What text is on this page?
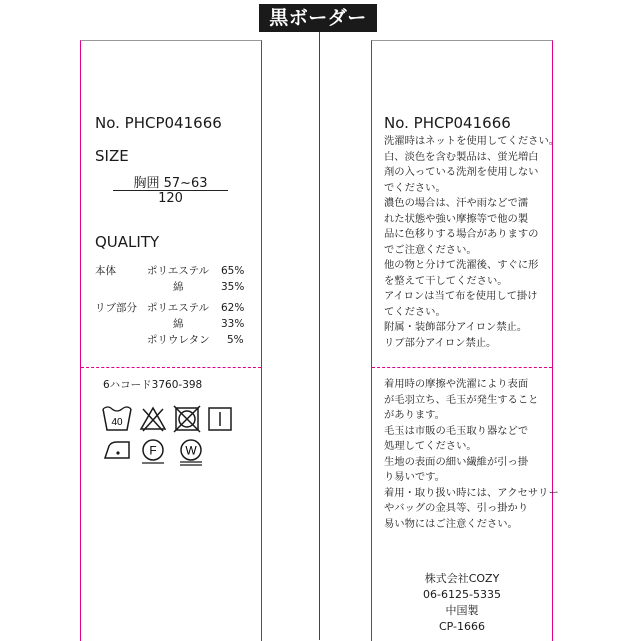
黒ボーダー
No. PHCP041666
SIZE
胸囲 57~63
120
QUALITY
本体	ポリエステル 65%
綿	35%
リブ部分 ポリエステル 62%
綿	33%
ポリウレタン 5%
6ハコード3760-398
40
F W
No. PHCP041666
洗濯時はネットを使用してください。
白、淡色を含む製品は、蛍光増白
剤の入っている洗剤を使用しない
でください。
濃色の場合は、汗や雨などで濡
れた状態や強い摩擦等で他の製
品に色移りする場合がありますの
でご注意ください。
他の物と分けて洗濯後、すぐに形
を整えて干してください。
アイロンは当て布を使用して掛け
てください。
附属・装飾部分アイロン禁止。
リブ部分アイロン禁止。
着用時の摩擦や洗濯により表面
が毛羽立ち、毛玉が発生すること
があります。
毛玉は市販の毛玉取り器などで
処理してください。
生地の表面の細い繊維が引っ掛
り易いです。
着用・取り扱い時には、アクセサリー
やバッグの金具等、引っ掛かり
易い物にはご注意ください。
株式会社COZY
06-6125-5335
中国製
CP-1666
